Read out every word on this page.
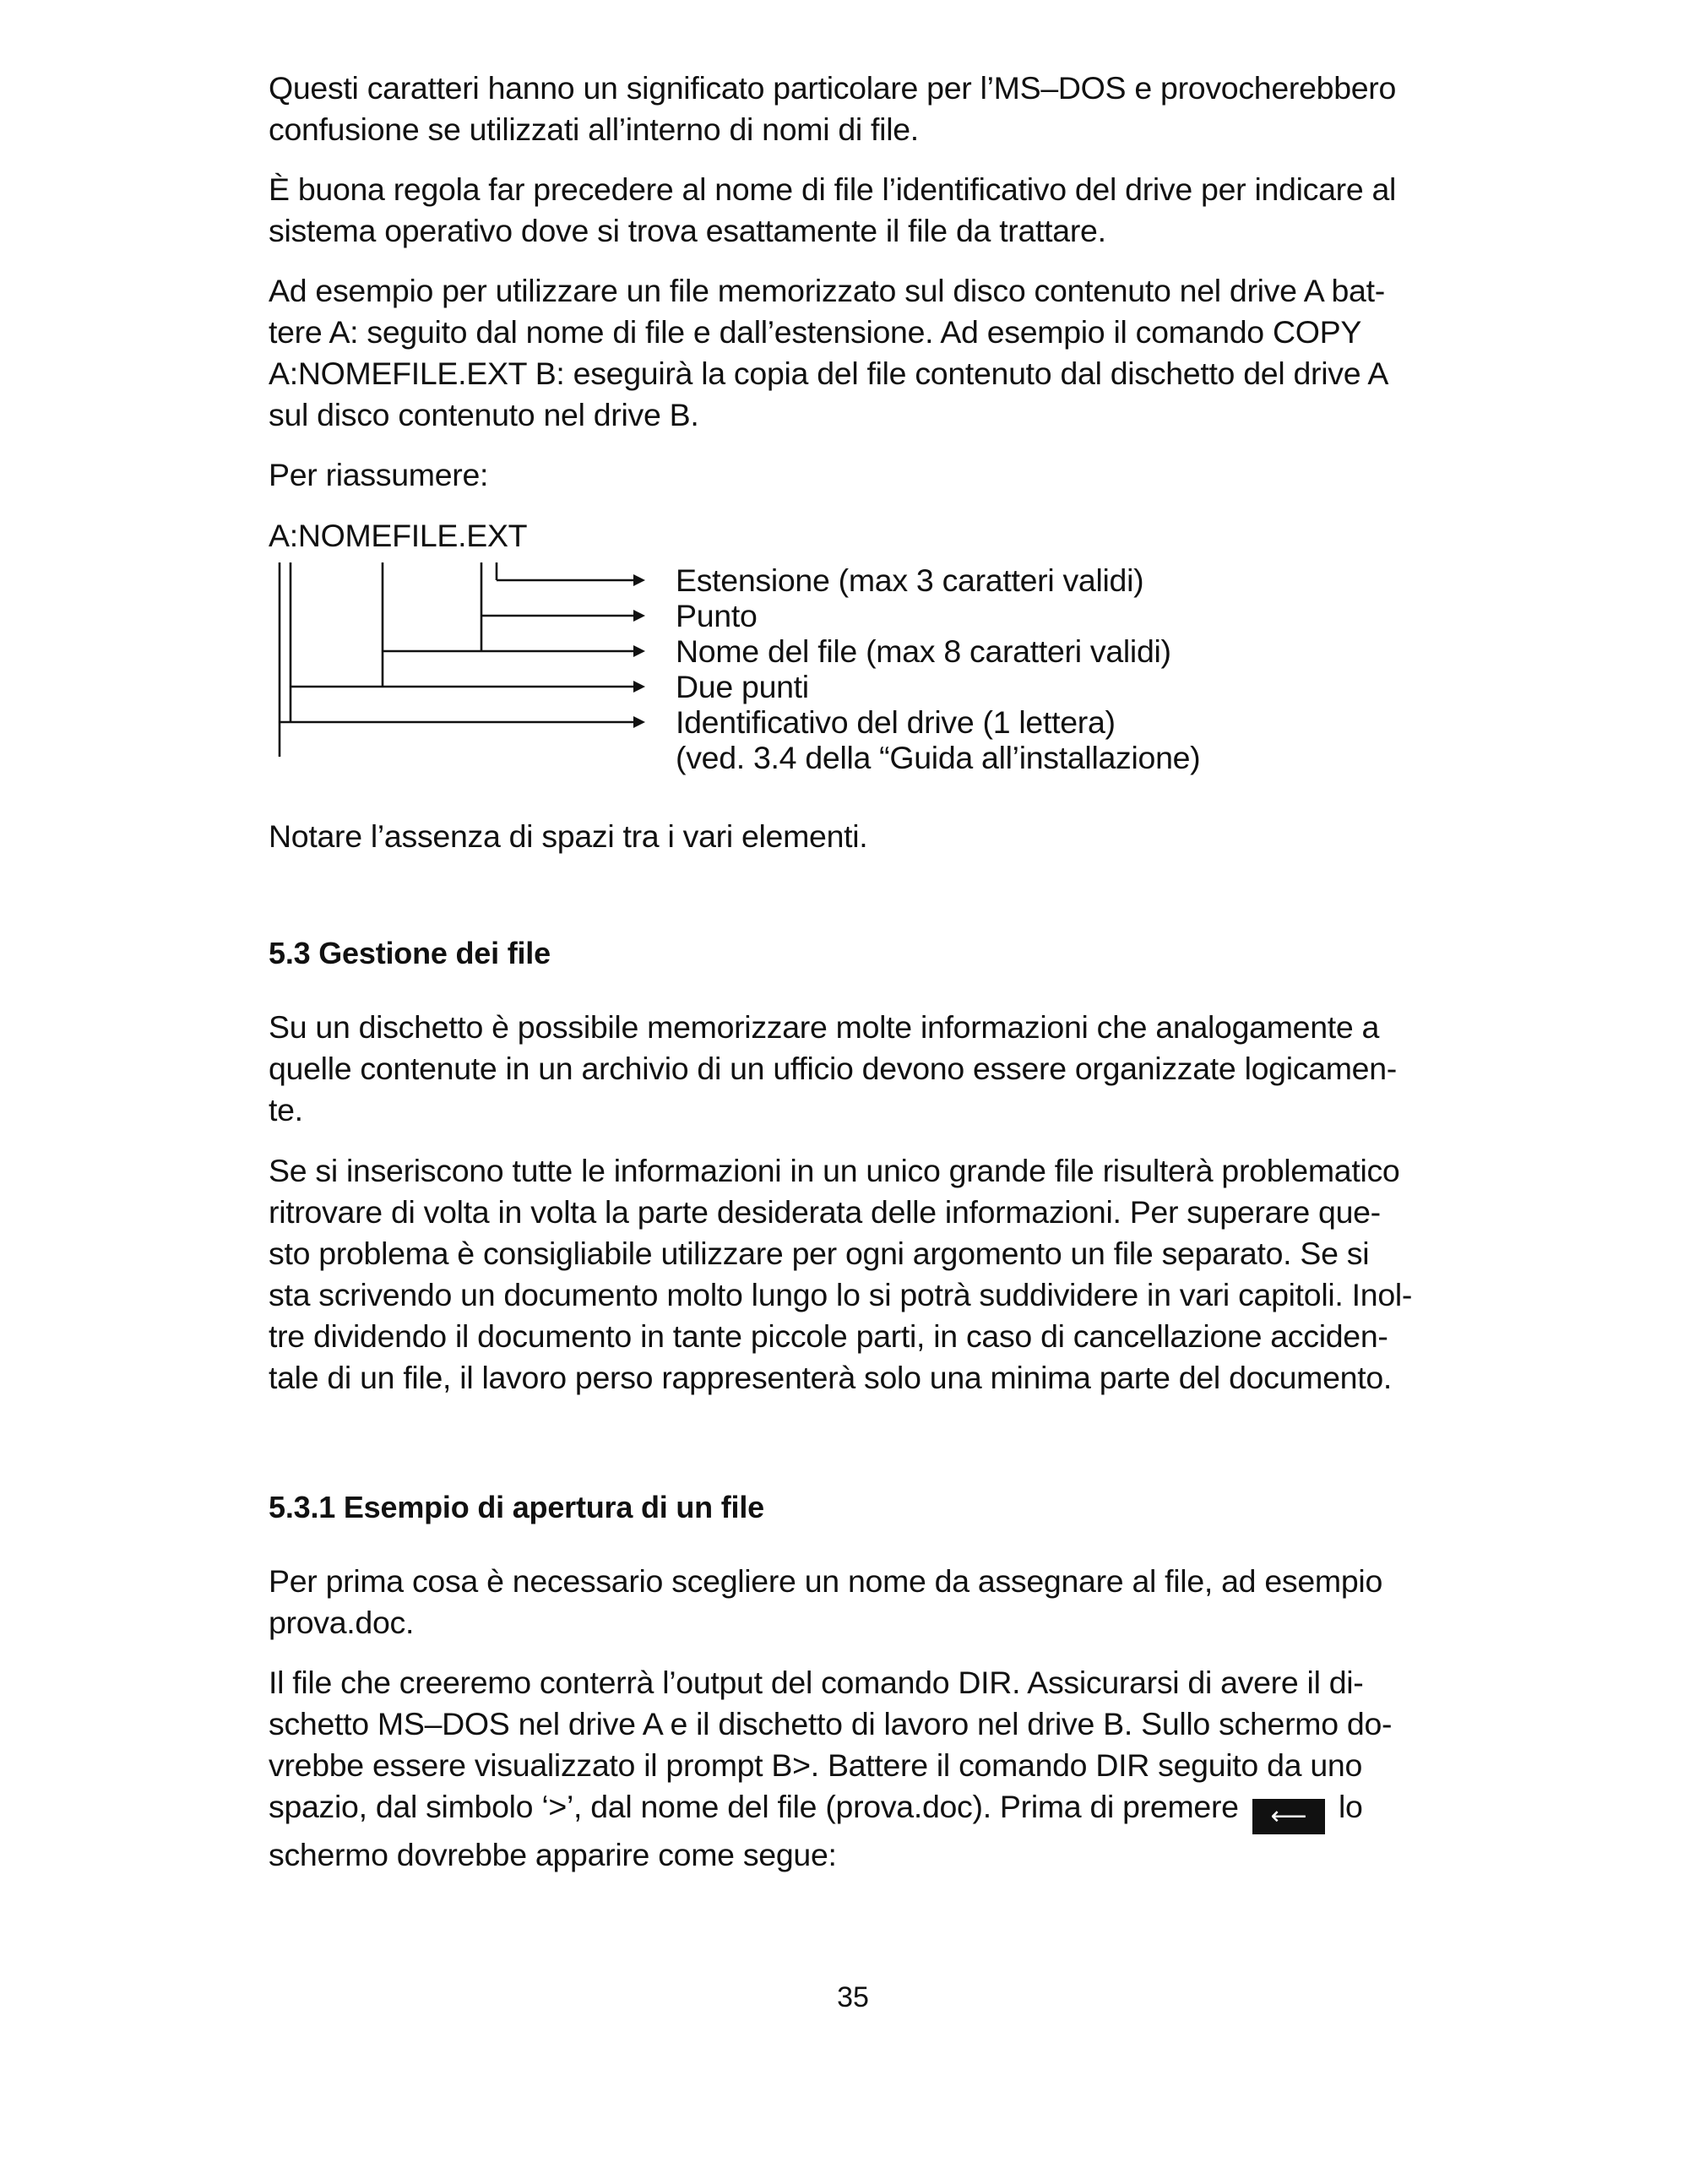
Questi caratteri hanno un significato particolare per l’MS–DOS e provocherebbero

confusione se utilizzati all’interno di nomi di file.

È buona regola far precedere al nome di file l’identificativo del drive per indicare al

sistema operativo dove si trova esattamente il file da trattare.

Ad esempio per utilizzare un file memorizzato sul disco contenuto nel drive A bat-

tere A: seguito dal nome di file e dall’estensione. Ad esempio il comando COPY

A:NOMEFILE.EXT B: eseguirà la copia del file contenuto dal dischetto del drive A

sul disco contenuto nel drive B.

Per riassumere:

A:NOMEFILE.EXT

Estensione (max 3 caratteri validi)
Punto
Nome del file (max 8 caratteri validi)
Due punti
Identificativo del drive (1 lettera)
(ved. 3.4 della “Guida all’installazione)

Notare l’assenza di spazi tra i vari elementi.

5.3 Gestione dei file

Su un dischetto è possibile memorizzare molte informazioni che analogamente a

quelle contenute in un archivio di un ufficio devono essere organizzate logicamen-

te.

Se si inseriscono tutte le informazioni in un unico grande file risulterà problematico

ritrovare di volta in volta la parte desiderata delle informazioni. Per superare que-

sto problema è consigliabile utilizzare per ogni argomento un file separato. Se si

sta scrivendo un documento molto lungo lo si potrà suddividere in vari capitoli. Inol-

tre dividendo il documento in tante piccole parti, in caso di cancellazione acciden-

tale di un file, il lavoro perso rappresenterà solo una minima parte del documento.

5.3.1 Esempio di apertura di un file

Per prima cosa è necessario scegliere un nome da assegnare al file, ad esempio

prova.doc.

Il file che creeremo conterrà l’output del comando DIR. Assicurarsi di avere il di-

schetto MS–DOS nel drive A e il dischetto di lavoro nel drive B. Sullo schermo do-

vrebbe essere visualizzato il prompt B>. Battere il comando DIR seguito da uno

spazio, dal simbolo ‘>’, dal nome del file (prova.doc). Prima di premere ⟵ lo

schermo dovrebbe apparire come segue:

35
